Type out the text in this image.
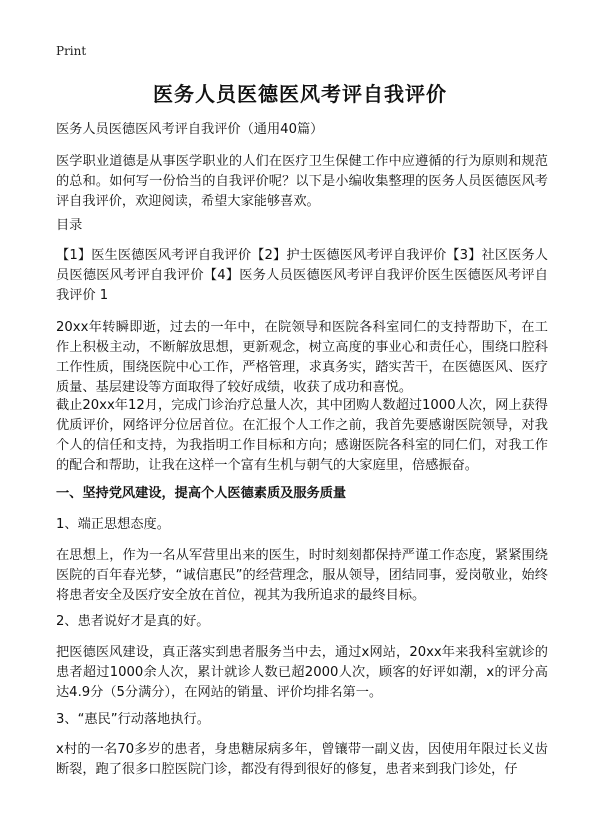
Print
医务人员医德医风考评自我评价

医务人员医德医风考评自我评价（通用40篇）

医学职业道德是从事医学职业的人们在医疗卫生保健工作中应遵循的行为原则和规范的总和。如何写一份恰当的自我评价呢？以下是小编收集整理的医务人员医德医风考评自我评价，欢迎阅读，希望大家能够喜欢。

目录

【1】医生医德医风考评自我评价【2】护士医德医风考评自我评价【3】社区医务人员医德医风考评自我评价【4】医务人员医德医风考评自我评价医生医德医风考评自我评价 1

20xx年转瞬即逝，过去的一年中，在院领导和医院各科室同仁的支持帮助下，在工作上积极主动，不断解放思想，更新观念，树立高度的事业心和责任心，围绕口腔科工作性质，围绕医院中心工作，严格管理，求真务实，踏实苦干，在医德医风、医疗质量、基层建设等方面取得了较好成绩，收获了成功和喜悦。

截止20xx年12月，完成门诊治疗总量人次，其中团购人数超过1000人次，网上获得优质评价，网络评分位居首位。在汇报个人工作之前，我首先要感谢医院领导，对我个人的信任和支持，为我指明工作目标和方向；感谢医院各科室的同仁们，对我工作的配合和帮助，让我在这样一个富有生机与朝气的大家庭里，倍感振奋。

一、坚持党风建设，提高个人医德素质及服务质量

1、端正思想态度。

在思想上，作为一名从军营里出来的医生，时时刻刻都保持严谨工作态度，紧紧围绕医院的百年春光梦，“诚信惠民”的经营理念，服从领导，团结同事，爱岗敬业，始终将患者安全及医疗安全放在首位，视其为我所追求的最终目标。

2、患者说好才是真的好。

把医德医风建设，真正落实到患者服务当中去，通过x网站，20xx年来我科室就诊的患者超过1000余人次，累计就诊人数已超2000人次，顾客的好评如潮，x的评分高达4.9分（5分满分），在网站的销量、评价均排名第一。

3、“惠民”行动落地执行。

x村的一名70多岁的患者，身患糖尿病多年，曾镶带一副义齿，因使用年限过长义齿断裂，跑了很多口腔医院门诊，都没有得到很好的修复，患者来到我门诊处，仔
